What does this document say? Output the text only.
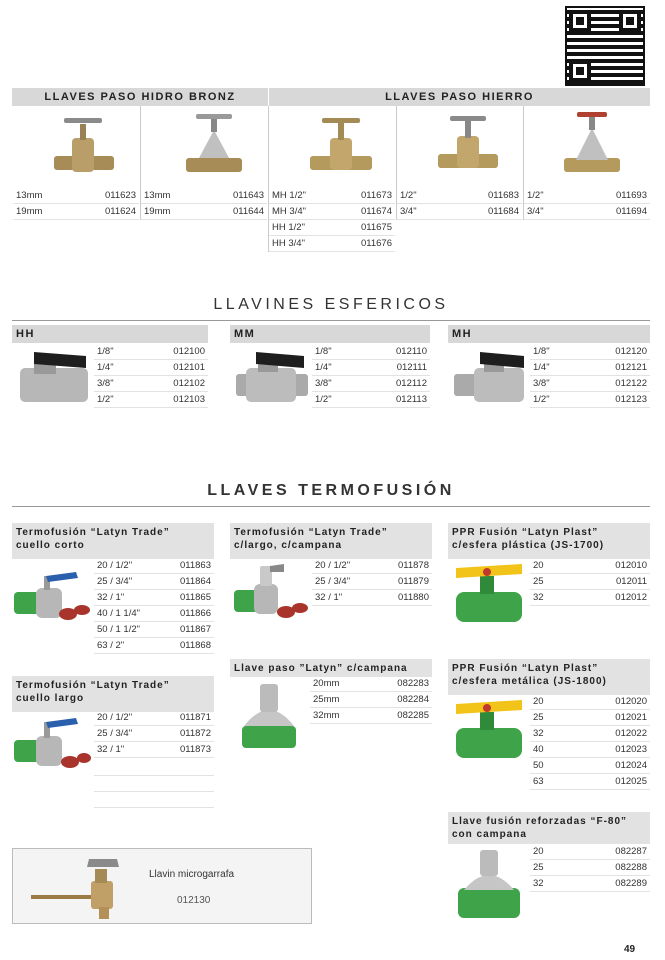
LLAVES PASO HIDRO BRONZ	LLAVES PASO HIERRO
13mm	011623
19mm	011624
13mm	011643
19mm	011644
MH 1/2"	011673
MH 3/4"	011674
HH 1/2"	011675
HH 3/4"	011676
1/2"	011683
3/4"	011684
1/2"	011693
3/4"	011694
LLAVINES ESFERICOS
HH
1/8"	012100
1/4"	012101
3/8"	012102
1/2"	012103
MM
1/8"	012110
1/4"	012111
3/8"	012112
1/2"	012113
MH
1/8"	012120
1/4"	012121
3/8"	012122
1/2"	012123
LLAVES TERMOFUSIÓN
Termofusión “Latyn Trade”
cuello corto
20 / 1/2"	011863
25 / 3/4"	011864
32 / 1"	011865
40 / 1 1/4"	011866
50 / 1 1/2"	011867
63 / 2"	011868
Termofusión “Latyn Trade”
cuello largo
20 / 1/2"	011871
25 / 3/4"	011872
32 / 1"	011873
Termofusión “Latyn Trade”
c/largo, c/campana
20 / 1/2"	011878
25 / 3/4"	011879
32 / 1"	011880
Llave paso ”Latyn” c/campana
20mm	082283
25mm	082284
32mm	082285
PPR Fusión “Latyn Plast”
c/esfera plástica (JS-1700)
20	012010
25	012011
32	012012
PPR Fusión “Latyn Plast”
c/esfera metálica (JS-1800)
20	012020
25	012021
32	012022
40	012023
50	012024
63	012025
Llave fusión reforzadas “F-80”
con campana
20	082287
25	082288
32	082289
Llavin microgarrafa
012130
49
